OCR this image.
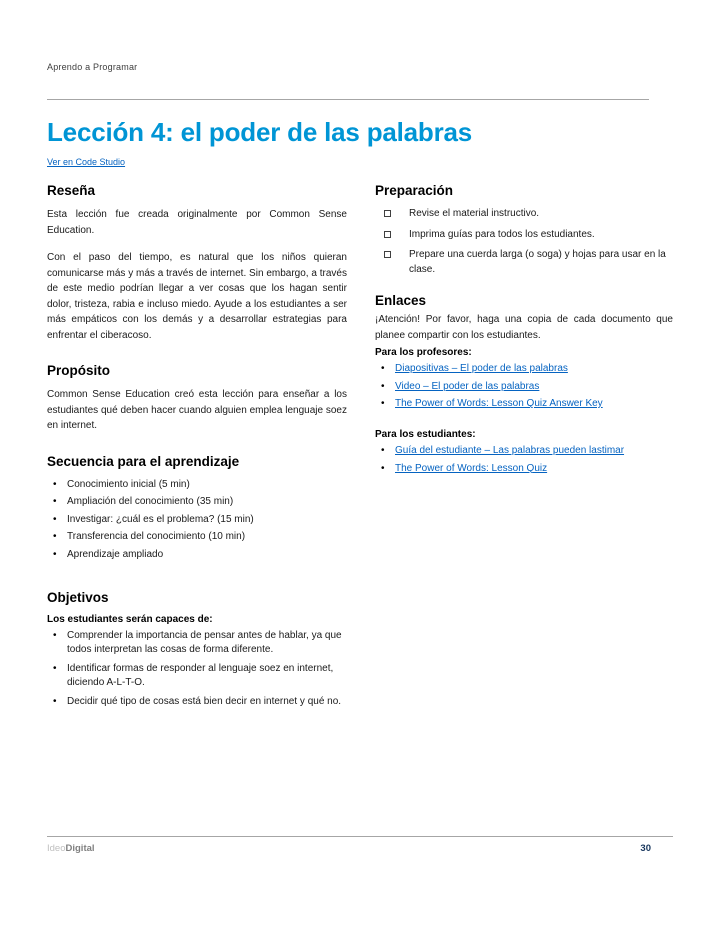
Aprendo a Programar
Lección 4: el poder de las palabras
Ver en Code Studio
Reseña

Esta lección fue creada originalmente por Common Sense Education.

Con el paso del tiempo, es natural que los niños quieran comunicarse más y más a través de internet. Sin embargo, a través de este medio podrían llegar a ver cosas que los hagan sentir dolor, tristeza, rabia e incluso miedo. Ayude a los estudiantes a ser más empáticos con los demás y a desarrollar estrategias para enfrentar el ciberacoso.

Propósito

Common Sense Education creó esta lección para enseñar a los estudiantes qué deben hacer cuando alguien emplea lenguaje soez en internet.

Secuencia para el aprendizaje
• Conocimiento inicial (5 min)
• Ampliación del conocimiento (35 min)
• Investigar: ¿cuál es el problema? (15 min)
• Transferencia del conocimiento (10 min)
• Aprendizaje ampliado
Objetivos

Los estudiantes serán capaces de:

• Comprender la importancia de pensar antes de hablar, ya que todos interpretan las cosas de forma diferente.
• Identificar formas de responder al lenguaje soez en internet, diciendo A-L-T-O.
• Decidir qué tipo de cosas está bien decir en internet y qué no.
Preparación
Revise el material instructivo.
Imprima guías para todos los estudiantes.
Prepare una cuerda larga (o soga) y hojas para usar en la clase.
Enlaces

¡Atención! Por favor, haga una copia de cada documento que planee compartir con los estudiantes.

Para los profesores:

• Diapositivas – El poder de las palabras
• Video – El poder de las palabras
• The Power of Words: Lesson Quiz Answer Key

Para los estudiantes:

• Guía del estudiante – Las palabras pueden lastimar
• The Power of Words: Lesson Quiz
IdeoDigital	30
